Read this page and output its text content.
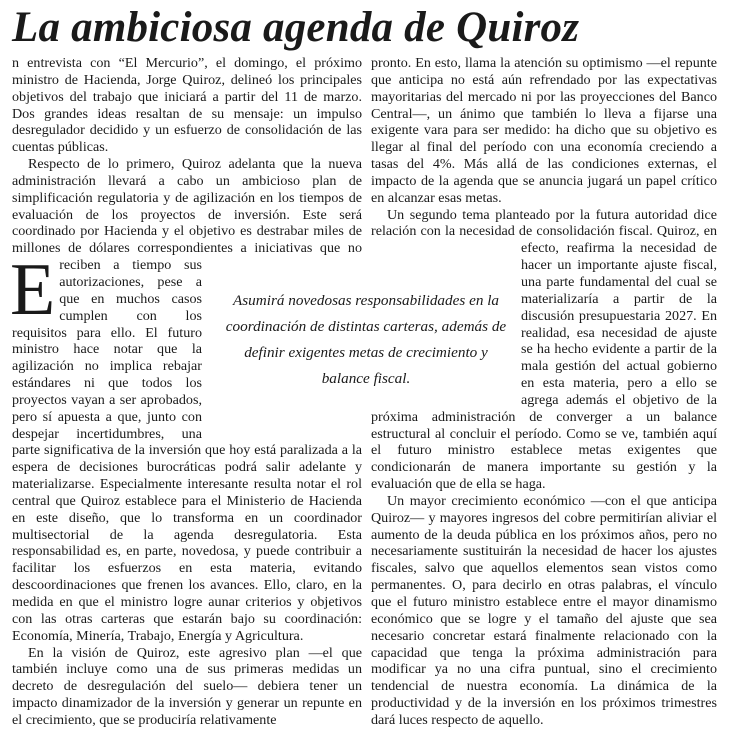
La ambiciosa agenda de Quiroz

E
n entrevista con “El Mercurio”, el domingo, el próximo ministro de Hacienda, Jorge Quiroz, delineó los principales objetivos del trabajo que iniciará a partir del 11 de marzo. Dos grandes ideas resaltan de su mensaje: un impulso desregulador decidido y un esfuerzo de consolidación de las cuentas públicas.

Respecto de lo primero, Quiroz adelanta que la nueva administración llevará a cabo un ambicioso plan de simplificación regulatoria y de agilización en los tiempos de evaluación de los proyectos de inversión. Este será coordinado por Hacienda y el objetivo es destrabar miles de millones de dólares correspondientes a iniciativas que no reciben a tiempo sus autorizaciones, pese a que en muchos casos cumplen con los requisitos para ello. El futuro ministro hace notar que la agilización no implica rebajar estándares ni que todos los proyectos vayan a ser aprobados, pero sí apuesta a que, junto con despejar incertidumbres, una parte significativa de la inversión que hoy está paralizada a la espera de decisiones burocráticas podrá salir adelante y materializarse. Especialmente interesante resulta notar el rol central que Quiroz establece para el Ministerio de Hacienda en este diseño, que lo transforma en un coordinador multisectorial de la agenda desregulatoria. Esta responsabilidad es, en parte, novedosa, y puede contribuir a facilitar los esfuerzos en esta materia, evitando descoordinaciones que frenen los avances. Ello, claro, en la medida en que el ministro logre aunar criterios y objetivos con las otras carteras que estarán bajo su coordinación: Economía, Minería, Trabajo, Energía y Agricultura.

En la visión de Quiroz, este agresivo plan —el que también incluye como una de sus primeras medidas un decreto de desregulación del suelo— debiera tener un impacto dinamizador de la inversión y generar un repunte en el crecimiento, que se produciría relativamente

pronto. En esto, llama la atención su optimismo —el repunte que anticipa no está aún refrendado por las expectativas mayoritarias del mercado ni por las proyecciones del Banco Central—, un ánimo que también lo lleva a fijarse una exigente vara para ser medido: ha dicho que su objetivo es llegar al final del período con una economía creciendo a tasas del 4%. Más allá de las condiciones externas, el impacto de la agenda que se anuncia jugará un papel crítico en alcanzar esas metas.

Un segundo tema planteado por la futura autoridad dice relación con la necesidad de consolidación fiscal. Quiroz, en efecto, reafirma la necesidad de hacer un importante ajuste fiscal, una parte fundamental del cual se materializaría a partir de la discusión presupuestaria 2027. En realidad, esa necesidad de ajuste se ha hecho evidente a partir de la mala gestión del actual gobierno en esta materia, pero a ello se agrega además el objetivo de la próxima administración de converger a un balance estructural al concluir el período. Como se ve, también aquí el futuro ministro establece metas exigentes que condicionarán de manera importante su gestión y la evaluación que de ella se haga.

Un mayor crecimiento económico —con el que anticipa Quiroz— y mayores ingresos del cobre permitirían aliviar el aumento de la deuda pública en los próximos años, pero no necesariamente sustituirán la necesidad de hacer los ajustes fiscales, salvo que aquellos elementos sean vistos como permanentes. O, para decirlo en otras palabras, el vínculo que el futuro ministro establece entre el mayor dinamismo económico que se logre y el tamaño del ajuste que sea necesario concretar estará finalmente relacionado con la capacidad que tenga la próxima administración para modificar ya no una cifra puntual, sino el crecimiento tendencial de nuestra economía. La dinámica de la productividad y de la inversión en los próximos trimestres dará luces respecto de aquello.

Asumirá novedosas responsabilidades en la coordinación de distintas carteras, además de definir exigentes metas de crecimiento y balance fiscal.
